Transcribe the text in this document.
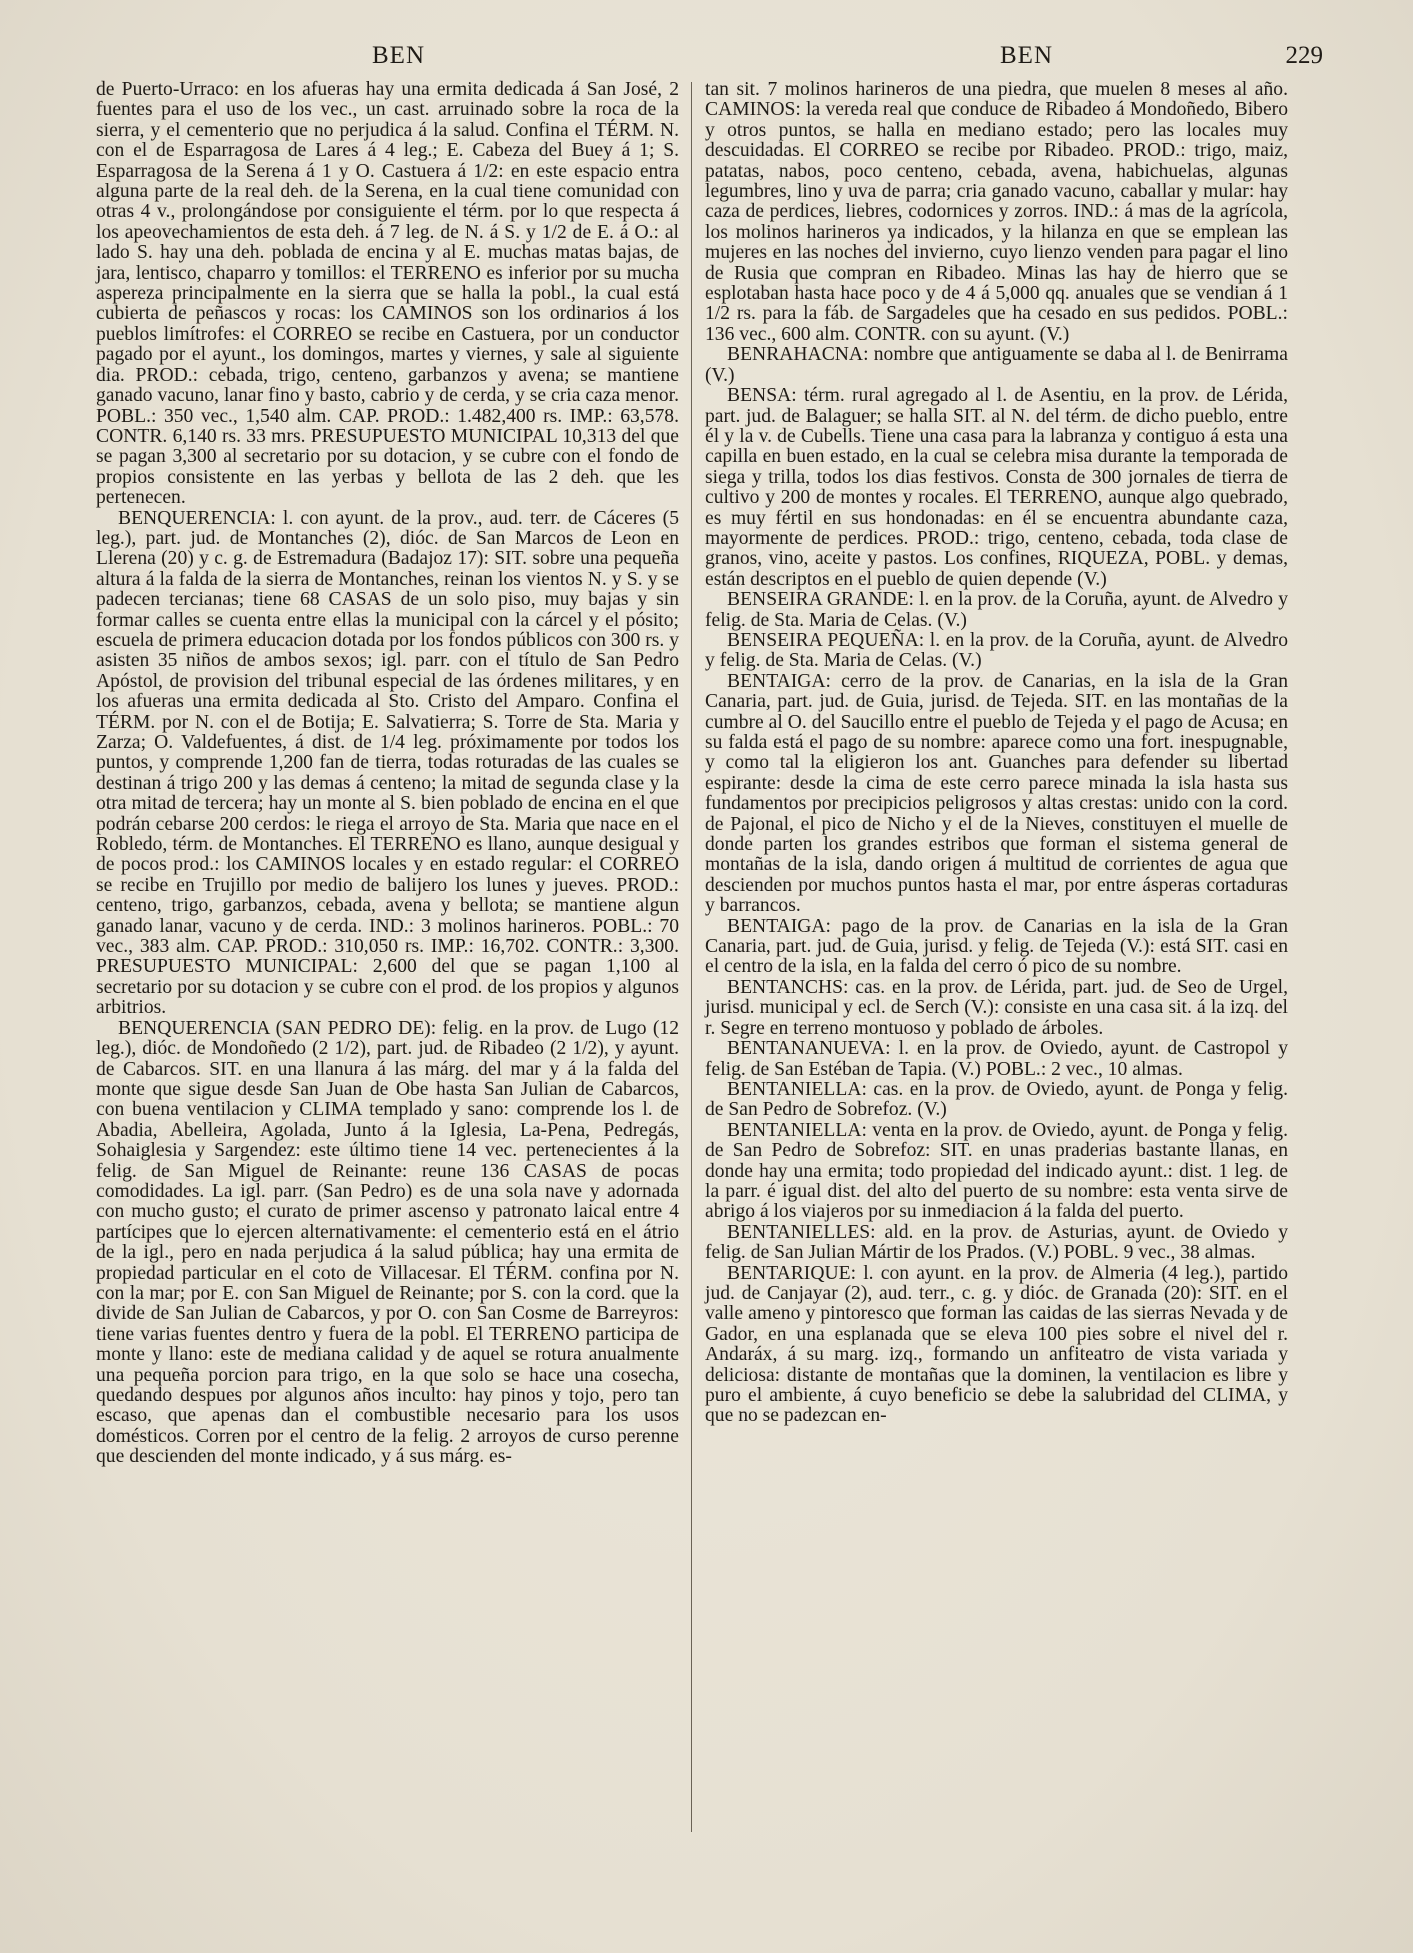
BEN	BEN	229

de Puerto-Urraco: en los afueras hay una ermita dedicada á San José, 2 fuentes para el uso de los vec., un cast. arruinado sobre la roca de la sierra, y el cementerio que no perjudica á la salud. Confina el TÉRM. N. con el de Esparragosa de Lares á 4 leg.; E. Cabeza del Buey á 1; S. Esparragosa de la Serena á 1 y O. Castuera á 1/2: en este espacio entra alguna parte de la real deh. de la Serena, en la cual tiene comunidad con otras 4 v., prolongándose por consiguiente el térm. por lo que respecta á los apeovechamientos de esta deh. á 7 leg. de N. á S. y 1/2 de E. á O.: al lado S. hay una deh. poblada de encina y al E. muchas matas bajas, de jara, lentisco, chaparro y tomillos: el TERRENO es inferior por su mucha aspereza principalmente en la sierra que se halla la pobl., la cual está cubierta de peñascos y rocas: los CAMINOS son los ordinarios á los pueblos limítrofes: el CORREO se recibe en Castuera, por un conductor pagado por el ayunt., los domingos, martes y viernes, y sale al siguiente dia. PROD.: cebada, trigo, centeno, garbanzos y avena; se mantiene ganado vacuno, lanar fino y basto, cabrio y de cerda, y se cria caza menor. POBL.: 350 vec., 1,540 alm. CAP. PROD.: 1.482,400 rs. IMP.: 63,578. CONTR. 6,140 rs. 33 mrs. PRESUPUESTO MUNICIPAL 10,313 del que se pagan 3,300 al secretario por su dotacion, y se cubre con el fondo de propios consistente en las yerbas y bellota de las 2 deh. que les pertenecen.

BENQUERENCIA: l. con ayunt. de la prov., aud. terr. de Cáceres (5 leg.), part. jud. de Montanches (2), dióc. de San Marcos de Leon en Llerena (20) y c. g. de Estremadura (Badajoz 17): SIT. sobre una pequeña altura á la falda de la sierra de Montanches, reinan los vientos N. y S. y se padecen tercianas; tiene 68 CASAS de un solo piso, muy bajas y sin formar calles se cuenta entre ellas la municipal con la cárcel y el pósito; escuela de primera educacion dotada por los fondos públicos con 300 rs. y asisten 35 niños de ambos sexos; igl. parr. con el título de San Pedro Apóstol, de provision del tribunal especial de las órdenes militares, y en los afueras una ermita dedicada al Sto. Cristo del Amparo. Confina el TÉRM. por N. con el de Botija; E. Salvatierra; S. Torre de Sta. Maria y Zarza; O. Valdefuentes, á dist. de 1/4 leg. próximamente por todos los puntos, y comprende 1,200 fan de tierra, todas roturadas de las cuales se destinan á trigo 200 y las demas á centeno; la mitad de segunda clase y la otra mitad de tercera; hay un monte al S. bien poblado de encina en el que podrán cebarse 200 cerdos: le riega el arroyo de Sta. Maria que nace en el Robledo, térm. de Montanches. El TERRENO es llano, aunque desigual y de pocos prod.: los CAMINOS locales y en estado regular: el CORREO se recibe en Trujillo por medio de balijero los lunes y jueves. PROD.: centeno, trigo, garbanzos, cebada, avena y bellota; se mantiene algun ganado lanar, vacuno y de cerda. IND.: 3 molinos harineros. POBL.: 70 vec., 383 alm. CAP. PROD.: 310,050 rs. IMP.: 16,702. CONTR.: 3,300. PRESUPUESTO MUNICIPAL: 2,600 del que se pagan 1,100 al secretario por su dotacion y se cubre con el prod. de los propios y algunos arbitrios.

BENQUERENCIA (SAN PEDRO DE): felig. en la prov. de Lugo (12 leg.), dióc. de Mondoñedo (2 1/2), part. jud. de Ribadeo (2 1/2), y ayunt. de Cabarcos. SIT. en una llanura á las márg. del mar y á la falda del monte que sigue desde San Juan de Obe hasta San Julian de Cabarcos, con buena ventilacion y CLIMA templado y sano: comprende los l. de Abadia, Abelleira, Agolada, Junto á la Iglesia, La-Pena, Pedregás, Sohaiglesia y Sargendez: este último tiene 14 vec. pertenecientes á la felig. de San Miguel de Reinante: reune 136 CASAS de pocas comodidades. La igl. parr. (San Pedro) es de una sola nave y adornada con mucho gusto; el curato de primer ascenso y patronato laical entre 4 partícipes que lo ejercen alternativamente: el cementerio está en el átrio de la igl., pero en nada perjudica á la salud pública; hay una ermita de propiedad particular en el coto de Villacesar. El TÉRM. confina por N. con la mar; por E. con San Miguel de Reinante; por S. con la cord. que la divide de San Julian de Cabarcos, y por O. con San Cosme de Barreyros: tiene varias fuentes dentro y fuera de la pobl. El TERRENO participa de monte y llano: este de mediana calidad y de aquel se rotura anualmente una pequeña porcion para trigo, en la que solo se hace una cosecha, quedando despues por algunos años inculto: hay pinos y tojo, pero tan escaso, que apenas dan el combustible necesario para los usos domésticos. Corren por el centro de la felig. 2 arroyos de curso perenne que descienden del monte indicado, y á sus márg. es-

tan sit. 7 molinos harineros de una piedra, que muelen 8 meses al año. CAMINOS: la vereda real que conduce de Ribadeo á Mondoñedo, Bibero y otros puntos, se halla en mediano estado; pero las locales muy descuidadas. El CORREO se recibe por Ribadeo. PROD.: trigo, maiz, patatas, nabos, poco centeno, cebada, avena, habichuelas, algunas legumbres, lino y uva de parra; cria ganado vacuno, caballar y mular: hay caza de perdices, liebres, codornices y zorros. IND.: á mas de la agrícola, los molinos harineros ya indicados, y la hilanza en que se emplean las mujeres en las noches del invierno, cuyo lienzo venden para pagar el lino de Rusia que compran en Ribadeo. Minas las hay de hierro que se esplotaban hasta hace poco y de 4 á 5,000 qq. anuales que se vendian á 1 1/2 rs. para la fáb. de Sargadeles que ha cesado en sus pedidos. POBL.: 136 vec., 600 alm. CONTR. con su ayunt. (V.)

BENRAHACNA: nombre que antiguamente se daba al l. de Benirrama (V.)

BENSA: térm. rural agregado al l. de Asentiu, en la prov. de Lérida, part. jud. de Balaguer; se halla SIT. al N. del térm. de dicho pueblo, entre él y la v. de Cubells. Tiene una casa para la labranza y contiguo á esta una capilla en buen estado, en la cual se celebra misa durante la temporada de siega y trilla, todos los dias festivos. Consta de 300 jornales de tierra de cultivo y 200 de montes y rocales. El TERRENO, aunque algo quebrado, es muy fértil en sus hondonadas: en él se encuentra abundante caza, mayormente de perdices. PROD.: trigo, centeno, cebada, toda clase de granos, vino, aceite y pastos. Los confines, RIQUEZA, POBL. y demas, están descriptos en el pueblo de quien depende (V.)

BENSEIRA GRANDE: l. en la prov. de la Coruña, ayunt. de Alvedro y felig. de Sta. Maria de Celas. (V.)

BENSEIRA PEQUEÑA: l. en la prov. de la Coruña, ayunt. de Alvedro y felig. de Sta. Maria de Celas. (V.)

BENTAIGA: cerro de la prov. de Canarias, en la isla de la Gran Canaria, part. jud. de Guia, jurisd. de Tejeda. SIT. en las montañas de la cumbre al O. del Saucillo entre el pueblo de Tejeda y el pago de Acusa; en su falda está el pago de su nombre: aparece como una fort. inespugnable, y como tal la eligieron los ant. Guanches para defender su libertad espirante: desde la cima de este cerro parece minada la isla hasta sus fundamentos por precipicios peligrosos y altas crestas: unido con la cord. de Pajonal, el pico de Nicho y el de la Nieves, constituyen el muelle de donde parten los grandes estribos que forman el sistema general de montañas de la isla, dando origen á multitud de corrientes de agua que descienden por muchos puntos hasta el mar, por entre ásperas cortaduras y barrancos.

BENTAIGA: pago de la prov. de Canarias en la isla de la Gran Canaria, part. jud. de Guia, jurisd. y felig. de Tejeda (V.): está SIT. casi en el centro de la isla, en la falda del cerro ó pico de su nombre.

BENTANCHS: cas. en la prov. de Lérida, part. jud. de Seo de Urgel, jurisd. municipal y ecl. de Serch (V.): consiste en una casa sit. á la izq. del r. Segre en terreno montuoso y poblado de árboles.

BENTANANUEVA: l. en la prov. de Oviedo, ayunt. de Castropol y felig. de San Estéban de Tapia. (V.) POBL.: 2 vec., 10 almas.

BENTANIELLA: cas. en la prov. de Oviedo, ayunt. de Ponga y felig. de San Pedro de Sobrefoz. (V.)

BENTANIELLA: venta en la prov. de Oviedo, ayunt. de Ponga y felig. de San Pedro de Sobrefoz: SIT. en unas praderias bastante llanas, en donde hay una ermita; todo propiedad del indicado ayunt.: dist. 1 leg. de la parr. é igual dist. del alto del puerto de su nombre: esta venta sirve de abrigo á los viajeros por su inmediacion á la falda del puerto.

BENTANIELLES: ald. en la prov. de Asturias, ayunt. de Oviedo y felig. de San Julian Mártir de los Prados. (V.) POBL. 9 vec., 38 almas.

BENTARIQUE: l. con ayunt. en la prov. de Almeria (4 leg.), partido jud. de Canjayar (2), aud. terr., c. g. y dióc. de Granada (20): SIT. en el valle ameno y pintoresco que forman las caidas de las sierras Nevada y de Gador, en una esplanada que se eleva 100 pies sobre el nivel del r. Andaráx, á su marg. izq., formando un anfiteatro de vista variada y deliciosa: distante de montañas que la dominen, la ventilacion es libre y puro el ambiente, á cuyo beneficio se debe la salubridad del CLIMA, y que no se padezcan en-
